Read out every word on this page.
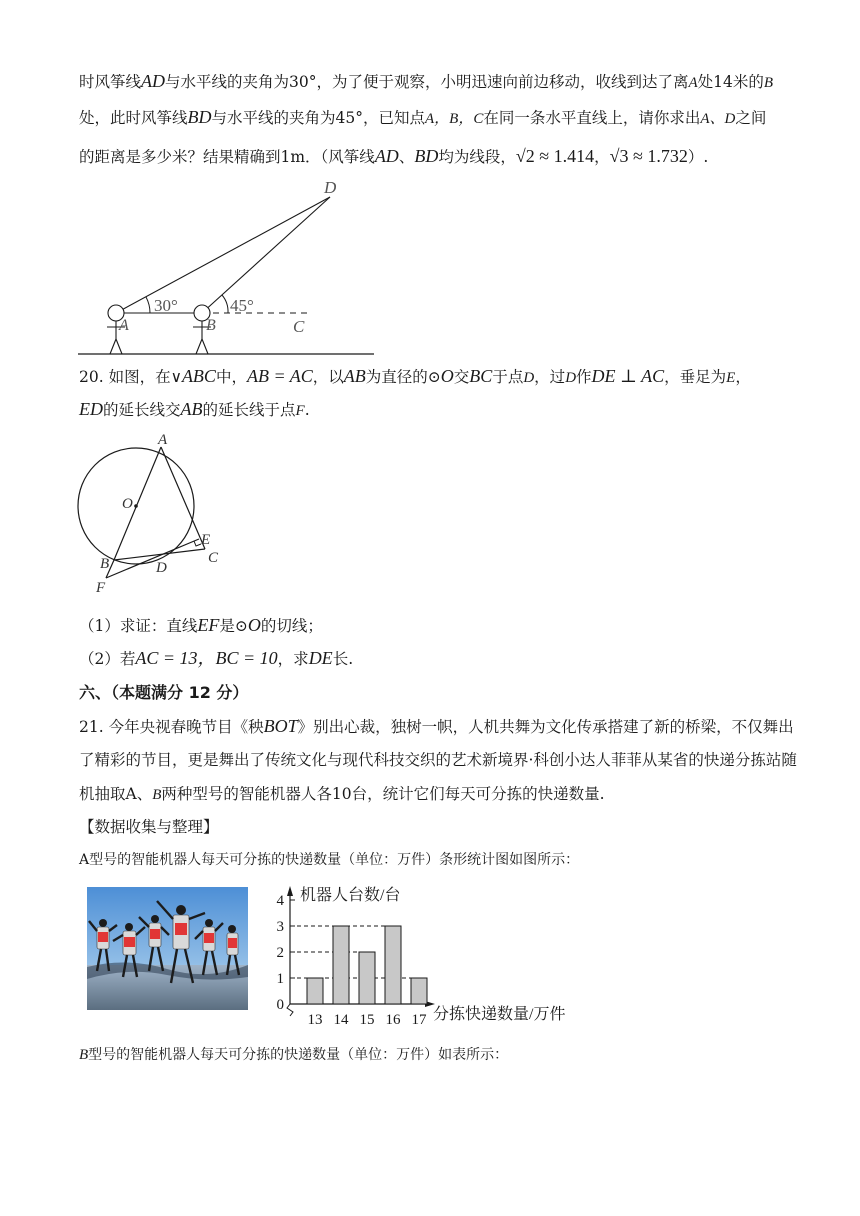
时风筝线AD与水平线的夹角为30°，为了便于观察，小明迅速向前边移动，收线到达了离A处14米的B
处，此时风筝线BD与水平线的夹角为45°，已知点A，B，C在同一条水平直线上，请你求出A、D之间
的距离是多少米？结果精确到1m．（风筝线AD、BD均为线段，√2 ≈ 1.414，√3 ≈ 1.732）.
D
A	B	C
30°	45°
20. 如图，在∨ABC中，AB = AC，以AB为直径的⊙O交BC于点D，过D作DE ⊥ AC，垂足为E，
ED的延长线交AB的延长线于点F.
A
O
E
C
B	D
F
（1）求证：直线EF是⊙O的切线；
（2）若AC = 13，BC = 10，求DE长.
六、（本题满分 12 分）
21. 今年央视春晚节目《秧BOT》别出心裁，独树一帜，人机共舞为文化传承搭建了新的桥梁，不仅舞出
了精彩的节目，更是舞出了传统文化与现代科技交织的艺术新境界·科创小达人菲菲从某省的快递分拣站随
机抽取A、B两种型号的智能机器人各10台，统计它们每天可分拣的快递数量.
【数据收集与整理】
A型号的智能机器人每天可分拣的快递数量（单位：万件）条形统计图如图所示：
机器人台数/台
分拣快递数量/万件
0
1
2
3
4
13 14 15 16 17
B型号的智能机器人每天可分拣的快递数量（单位：万件）如表所示：
